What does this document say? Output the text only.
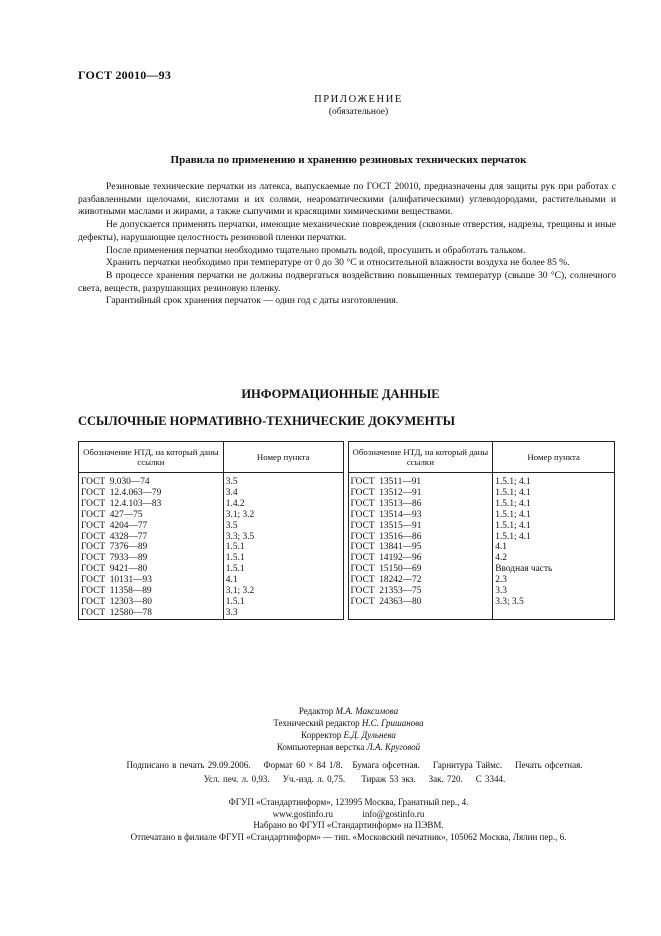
ГОСТ 20010—93
ПРИЛОЖЕНИЕ
(обязательное)
Правила по применению и хранению резиновых технических перчаток

Резиновые технические перчатки из латекса, выпускаемые по ГОСТ 20010, предназначены для защиты рук при работах с разбавленными щелочами, кислотами и их солями, неароматическими (алифатическими) углеводородами, растительными и животными маслами и жирами, а также сыпучими и красящими химическими веществами.

Не допускается применять перчатки, имеющие механические повреждения (сквозные отверстия, надрезы, трещины и иные дефекты), нарушающие целостность резиновой пленки перчатки.

После применения перчатки необходимо тщательно промыть водой, просушить и обработать тальком.

Хранить перчатки необходимо при температуре от 0 до 30 °С и относительной влажности воздуха не более 85 %.

В процессе хранения перчатки не должны подвергаться воздействию повышенных температур (свыше 30 °С), солнечного света, веществ, разрушающих резиновую пленку.

Гарантийный срок хранения перчаток — один год с даты изготовления.

ИНФОРМАЦИОННЫЕ ДАННЫЕ
ССЫЛОЧНЫЕ НОРМАТИВНО-ТЕХНИЧЕСКИЕ ДОКУМЕНТЫ
Обозначение НТД, на который даны ссылки	Номер пункта		Обозначение НТД, на который даны ссылки	Номер пункта
ГОСТ  9.030—74	3.5		ГОСТ  13511—91	1.5.1; 4.1
ГОСТ  12.4.063—79	3.4		ГОСТ  13512—91	1.5.1; 4.1
ГОСТ  12.4.103—83	1.4.2		ГОСТ  13513—86	1.5.1; 4.1
ГОСТ  427—75	3.1; 3.2		ГОСТ  13514—93	1.5.1; 4.1
ГОСТ  4204—77	3.5		ГОСТ  13515—91	1.5.1; 4.1
ГОСТ  4328—77	3.3; 3.5		ГОСТ  13516—86	1.5.1; 4.1
ГОСТ  7376—89	1.5.1		ГОСТ  13841—95	4.1
ГОСТ  7933—89	1.5.1		ГОСТ  14192—96	4.2
ГОСТ  9421—80	1.5.1		ГОСТ  15150—69	Вводная часть
ГОСТ  10131—93	4.1		ГОСТ  18242—72	2.3
ГОСТ  11358—89	3.1; 3.2		ГОСТ  21353—75	3.3
ГОСТ  12303—80	1.5.1		ГОСТ  24363—80	3.3; 3.5
ГОСТ  12580—78	3.3			
Редактор М.А. Максимова
Технический редактор Н.С. Гришанова
Корректор Е.Д. Дульнева
Компьютерная верстка Л.А. Круговой
Подписано в печать 29.09.2006. Формат 60 × 84 1/8. Бумага офсетная. Гарнитура Таймс. Печать офсетная.
Усл. печ. л. 0,93. Уч.-изд. л. 0,75. Тираж 53 экз. Зак. 720. С 3344.
ФГУП «Стандартинформ», 123995 Москва, Гранатный пер., 4.
www.gostinfo.ru	info@gostinfo.ru
Набрано во ФГУП «Стандартинформ» на ПЭВМ.
Отпечатано в филиале ФГУП «Стандартинформ» — тип. «Московский печатник», 105062 Москва, Лялин пер., 6.
